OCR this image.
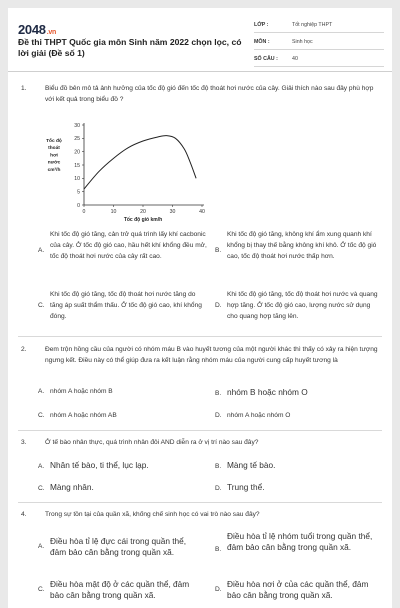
2048.vn
Đề thi THPT Quốc gia môn Sinh năm 2022 chọn lọc, có lời giải (Đề số 1)
LỚP :	Tốt nghiệp THPT
MÔN :	Sinh học
SỐ CÂU :	40
1.	Biểu đồ bên mô tả ảnh hưởng của tốc độ gió đến tốc độ thoát hơi nước của cây. Giải thích nào sau đây phù hợp với kết quả trong biểu đồ ?
0	10	20	30	40
0
5
10
15
20
25
30
Tốc độ gió km/h
Tốc độ thoát hơi nước cm³/h
A.
Khi tốc độ gió tăng, cản trở quá trình lấy khí cacbonic của cây. Ở tốc độ gió cao, hầu hết khí khổng đều mở, tốc độ thoát hơi nước của cây rất cao.
B.
Khi tốc độ gió tăng, không khí ẩm xung quanh khí khổng bị thay thế bằng không khí khô. Ở tốc độ gió cao, tốc độ thoát hơi nước thấp hơn.
C.
Khi tốc độ gió tăng, tốc độ thoát hơi nước tăng do tăng áp suất thẩm thấu. Ở tốc độ gió cao, khí khổng đóng.
D.
Khi tốc độ gió tăng, tốc độ thoát hơi nước và quang hợp tăng. Ở tốc độ gió cao, lượng nước sử dụng cho quang hợp tăng lên.
2.	Đem trộn hồng cầu của người có nhóm máu B vào huyết tương của một người khác thì thấy có xảy ra hiện tượng ngưng kết. Điều này có thể giúp đưa ra kết luận rằng nhóm máu của người cung cấp huyết tương là
A. nhóm A hoặc nhóm B	B. nhóm B hoặc nhóm O
C. nhóm A hoặc nhóm AB	D. nhóm A hoặc nhóm O
3.	Ở tế bào nhân thực, quá trình nhân đôi AND diễn ra ở vị trí nào sau đây?
A. Nhân tế bào, ti thể, lục lạp.	B. Màng tế bào.
C. Màng nhân.	D. Trung thể.
4.	Trong sự tồn tại của quần xã, khống chế sinh học có vai trò nào sau đây?
A.
Điều hòa tỉ lệ đực cái trong quần thể, đảm bảo cân bằng trong quần xã.	B.
Điều hòa tỉ lệ nhóm tuổi trong quần thể, đảm bảo cân bằng trong quần xã.
C.
Điều hòa mật độ ở các quần thể, đảm bảo cân bằng trong quần xã.
D.
Điều hòa nơi ở của các quần thể, đảm bảo cân bằng trong quần xã.
